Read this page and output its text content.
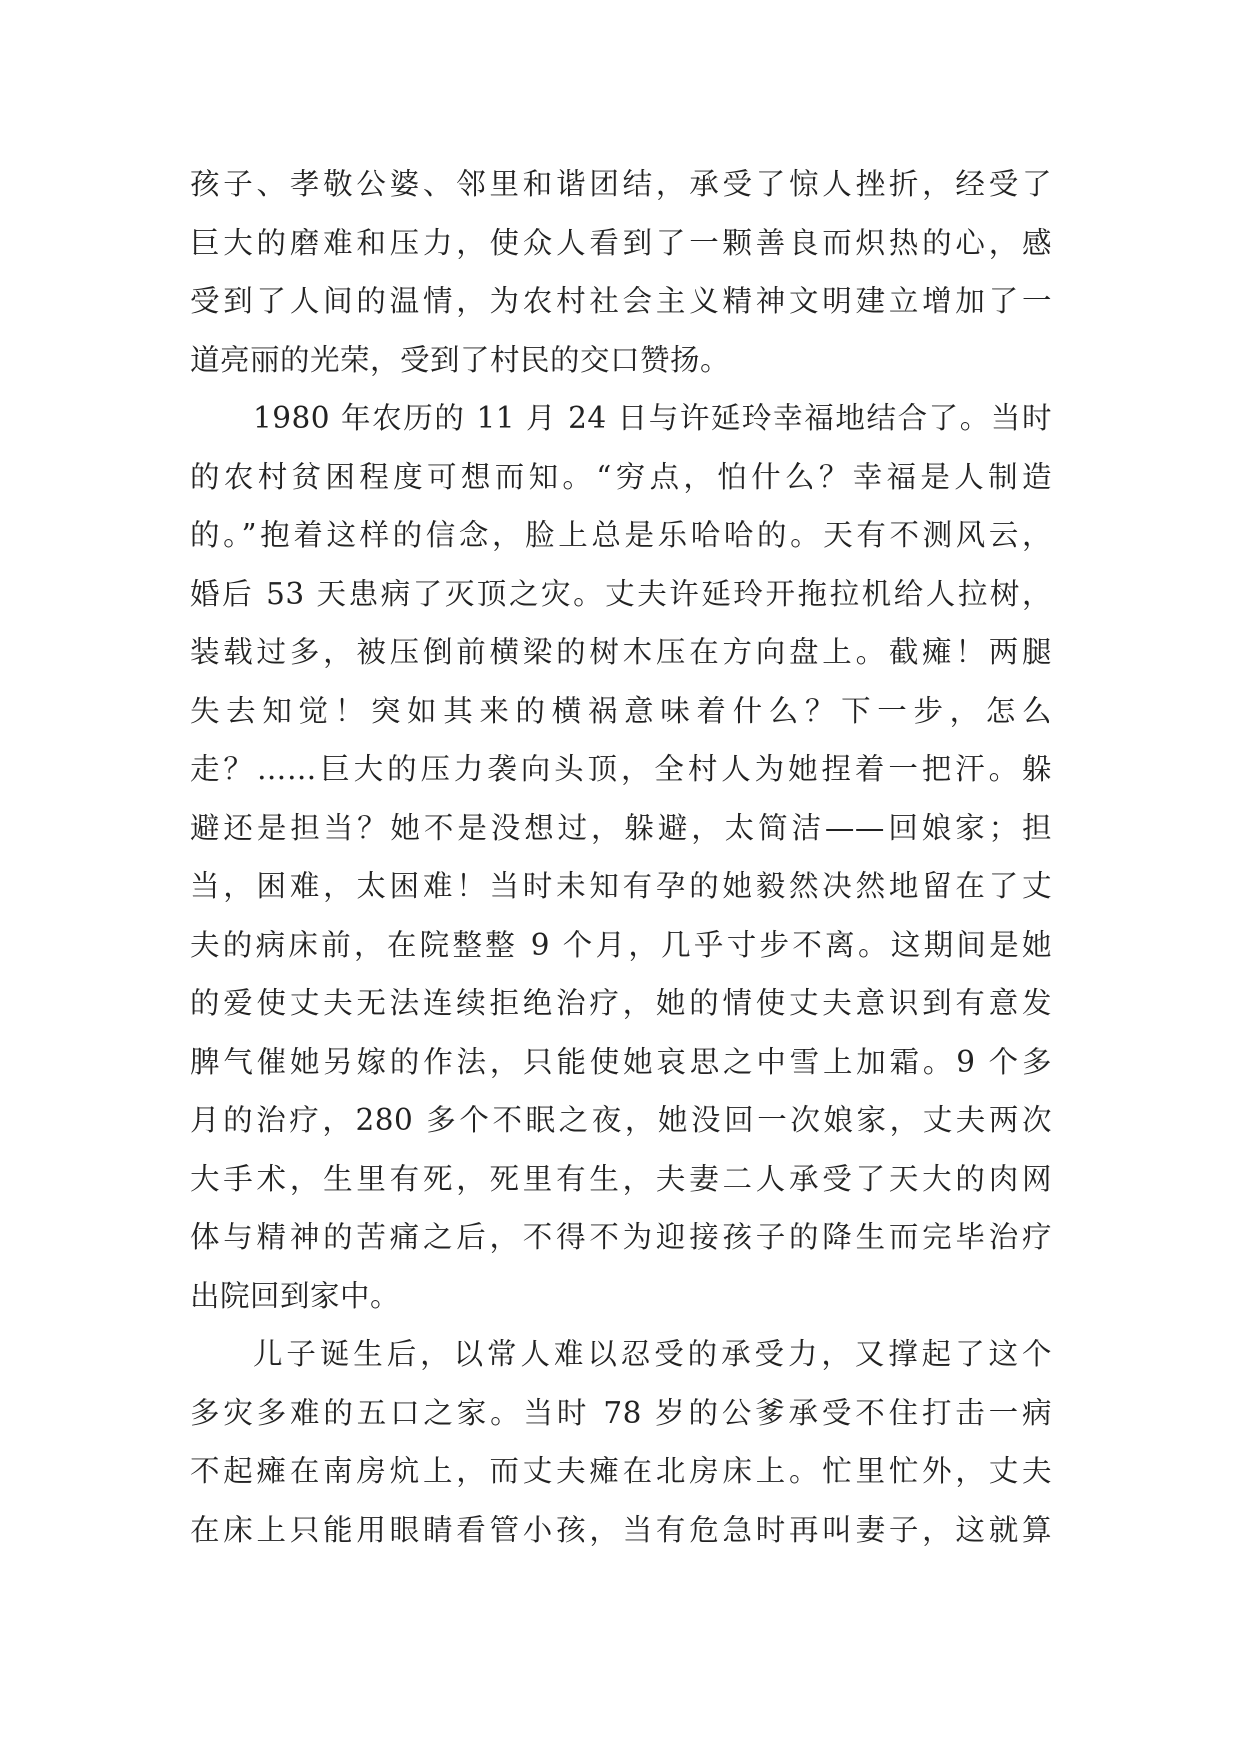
孩子、孝敬公婆、邻里和谐团结，承受了惊人挫折，经受了
巨大的磨难和压力，使众人看到了一颗善良而炽热的心，感
受到了人间的温情，为农村社会主义精神文明建立增加了一
道亮丽的光荣，受到了村民的交口赞扬。
1980 年农历的 11 月 24 日与许延玲幸福地结合了。当时
的农村贫困程度可想而知。“穷点，怕什么？幸福是人制造
的。”抱着这样的信念，脸上总是乐哈哈的。天有不测风云，
婚后 53 天患病了灭顶之灾。丈夫许延玲开拖拉机给人拉树，
装载过多，被压倒前横梁的树木压在方向盘上。截瘫！两腿
失去知觉！突如其来的横祸意味着什么？下一步，怎么
走？……巨大的压力袭向头顶，全村人为她捏着一把汗。躲
避还是担当？她不是没想过，躲避，太简洁——回娘家；担
当，困难，太困难！当时未知有孕的她毅然决然地留在了丈
夫的病床前，在院整整 9 个月，几乎寸步不离。这期间是她
的爱使丈夫无法连续拒绝治疗，她的情使丈夫意识到有意发
脾气催她另嫁的作法，只能使她哀思之中雪上加霜。9 个多
月的治疗，280 多个不眠之夜，她没回一次娘家，丈夫两次
大手术，生里有死，死里有生，夫妻二人承受了天大的肉网
体与精神的苦痛之后，不得不为迎接孩子的降生而完毕治疗
出院回到家中。
儿子诞生后，以常人难以忍受的承受力，又撑起了这个
多灾多难的五口之家。当时 78 岁的公爹承受不住打击一病
不起瘫在南房炕上，而丈夫瘫在北房床上。忙里忙外，丈夫
在床上只能用眼睛看管小孩，当有危急时再叫妻子，这就算
